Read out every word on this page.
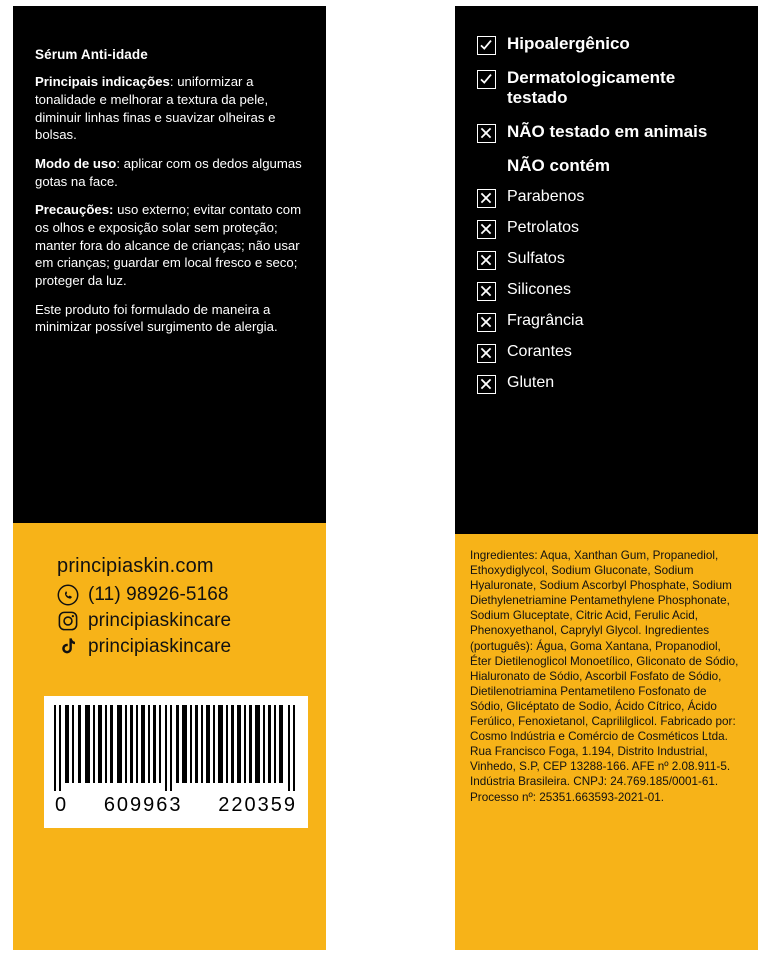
Sérum Anti-idade
Principais indicações: uniformizar a tonalidade e melhorar a textura da pele, diminuir linhas finas e suavizar olheiras e bolsas.
Modo de uso: aplicar com os dedos algumas gotas na face.
Precauções: uso externo; evitar contato com os olhos e exposição solar sem proteção; manter fora do alcance de crianças; não usar em crianças; guardar em local fresco e seco; proteger da luz.
Este produto foi formulado de maneira a minimizar possível surgimento de alergia.
principiaskin.com
(11) 98926-5168
principiaskincare
principiaskincare
0 609963 220359
Hipoalergênico
Dermatologicamente testado
NÃO testado em animais
NÃO contém
Parabenos
Petrolatos
Sulfatos
Silicones
Fragrância
Corantes
Gluten

Ingredientes: Aqua, Xanthan Gum, Propanediol, Ethoxydiglycol, Sodium Gluconate, Sodium Hyaluronate, Sodium Ascorbyl Phosphate, Sodium Diethylenetriamine Pentamethylene Phosphonate, Sodium Gluceptate, Citric Acid, Ferulic Acid, Phenoxyethanol, Caprylyl Glycol. Ingredientes (português): Água, Goma Xantana, Propanodiol, Éter Dietilenoglicol Monoetílico, Gliconato de Sódio, Hialuronato de Sódio, Ascorbil Fosfato de Sódio, Dietilenotriamina Pentametileno Fosfonato de Sódio, Glicéptato de Sodio, Ácido Cítrico, Ácido Ferúlico, Fenoxietanol, Caprililglicol. Fabricado por: Cosmo Indústria e Comércio de Cosméticos Ltda. Rua Francisco Foga, 1.194, Distrito Industrial, Vinhedo, S.P, CEP 13288-166. AFE nº 2.08.911-5. Indústria Brasileira. CNPJ: 24.769.185/0001-61. Processo nº: 25351.663593-2021-01.
